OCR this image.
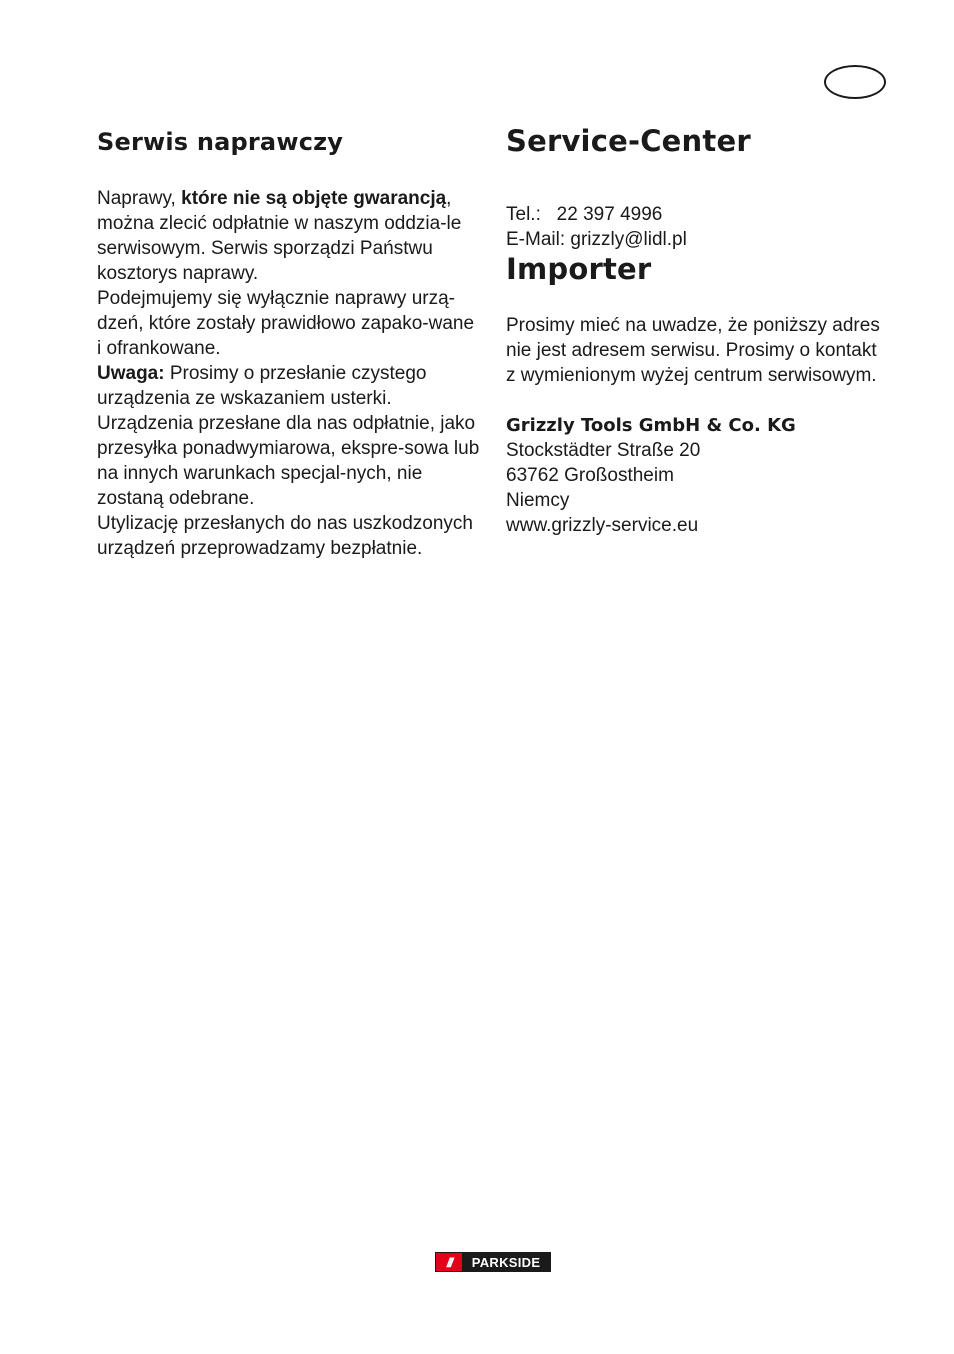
Serwis naprawczy

Naprawy, które nie są objęte gwarancją, można zlecić odpłatnie w naszym oddzia-le serwisowym. Serwis sporządzi Państwu kosztorys naprawy.

Podejmujemy się wyłącznie naprawy urzą-dzeń, które zostały prawidłowo zapako-wane i ofrankowane.

Uwaga: Prosimy o przesłanie czystego urządzenia ze wskazaniem usterki.

Urządzenia przesłane dla nas odpłatnie, jako przesyłka ponadwymiarowa, ekspre-sowa lub na innych warunkach specjal-nych, nie zostaną odebrane.

Utylizację przesłanych do nas uszkodzonych urządzeń przeprowadzamy bezpłatnie.

Service-Center
Tel.:   22 397 4996
E-Mail: grizzly@lidl.pl
Importer

Prosimy mieć na uwadze, że poniższy adres nie jest adresem serwisu. Prosimy o kontakt z wymienionym wyżej centrum serwisowym.

Grizzly Tools GmbH & Co. KG
Stockstädter Straße 20
63762 Großostheim
Niemcy
www.grizzly-service.eu
///	PARKSIDE
